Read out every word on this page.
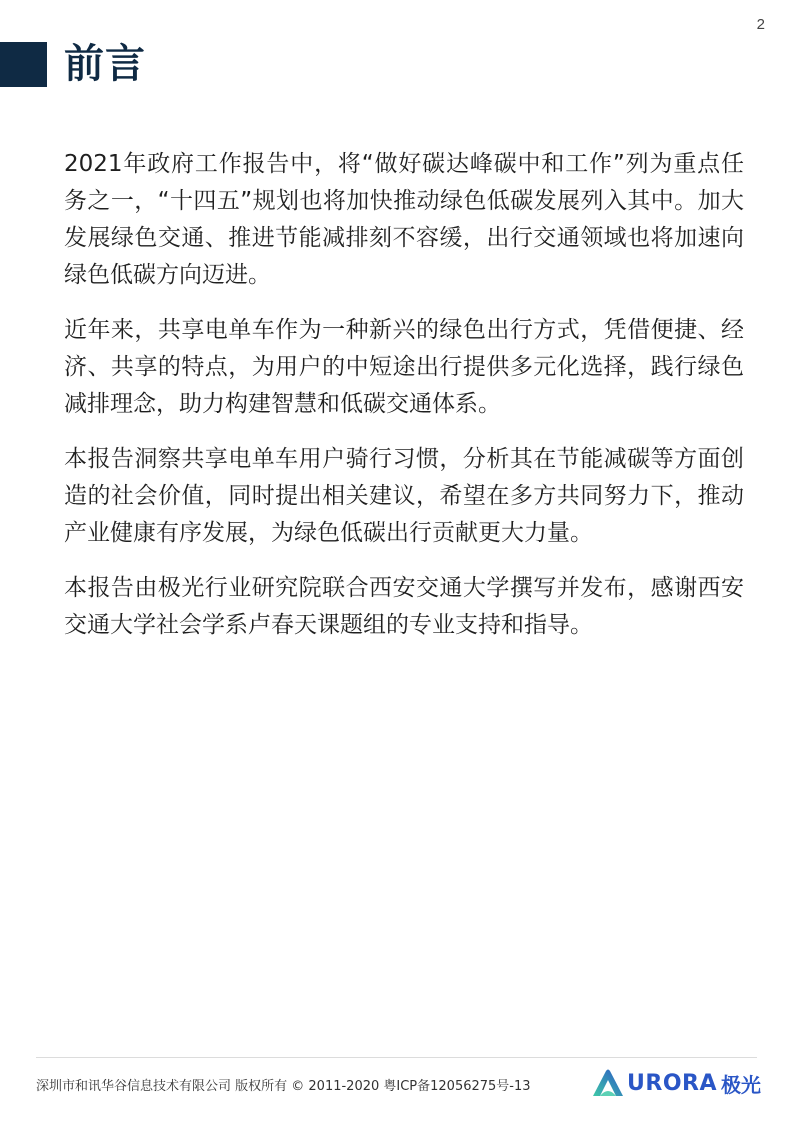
2
前言

2021年政府工作报告中，将“做好碳达峰碳中和工作”列为重点任务之一，“十四五”规划也将加快推动绿色低碳发展列入其中。加大发展绿色交通、推进节能减排刻不容缓，出行交通领域也将加速向绿色低碳方向迈进。

近年来，共享电单车作为一种新兴的绿色出行方式，凭借便捷、经济、共享的特点，为用户的中短途出行提供多元化选择，践行绿色减排理念，助力构建智慧和低碳交通体系。

本报告洞察共享电单车用户骑行习惯，分析其在节能减碳等方面创造的社会价值，同时提出相关建议，希望在多方共同努力下，推动产业健康有序发展，为绿色低碳出行贡献更大力量。

本报告由极光行业研究院联合西安交通大学撰写并发布，感谢西安交通大学社会学系卢春天课题组的专业支持和指导。

深圳市和讯华谷信息技术有限公司 版权所有 © 2011-2020 粤ICP备12056275号-13	URORA 极光
